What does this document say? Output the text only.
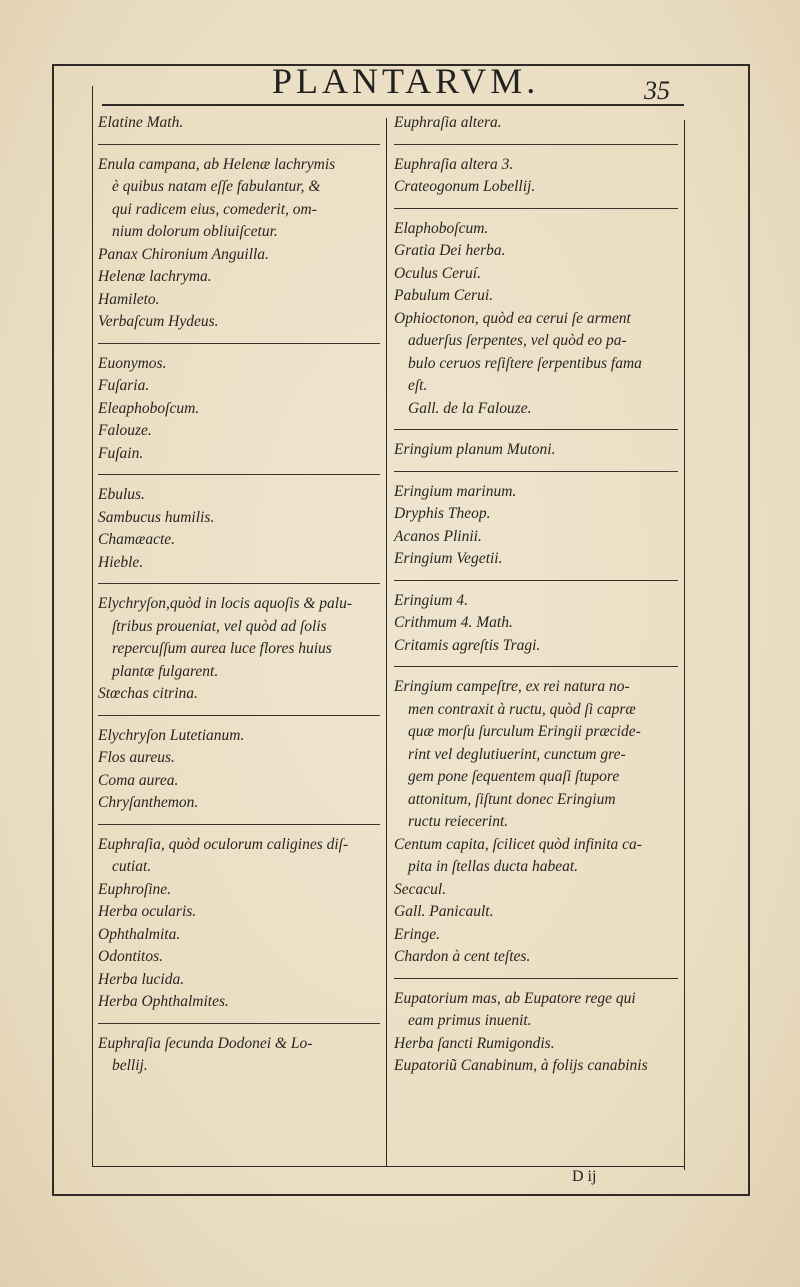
PLANTARVM.	35
Elatine Math.
Enula campana, ab Helenæ lachrymis
è quibus natam eſſe fabulantur, &
qui radicem eius, comederit, om-
nium dolorum obliuiſcetur.
Panax Chironium Anguilla.
Helenæ lachryma.
Hamileto.
Verbaſcum Hydeus.
Euonymos.
Fuſaria.
Eleaphoboſcum.
Falouze.
Fuſain.
Ebulus.
Sambucus humilis.
Chamæacte.
Hieble.
Elychryſon,quòd in locis aquoſis & palu-
ſtribus proueniat, vel quòd ad ſolis
repercuſſum aurea luce flores huius
plantæ fulgarent.
Stœchas citrina.
Elychryſon Lutetianum.
Flos aureus.
Coma aurea.
Chryſanthemon.
Euphraſia, quòd oculorum caligines diſ-
cutiat.
Euphroſine.
Herba ocularis.
Ophthalmita.
Odontitos.
Herba lucida.
Herba Ophthalmites.
Euphraſia ſecunda Dodonei & Lo-
bellij.
Euphraſia altera.
Euphraſia altera 3.
Crateogonum Lobellij.
Elaphoboſcum.
Gratia Dei herba.
Oculus Ceruí.
Pabulum Cerui.
Ophioctonon, quòd ea cerui ſe arment
aduerſus ſerpentes, vel quòd eo pa-
bulo ceruos reſiſtere ſerpentibus fama
eſt.
Gall. de la Falouze.
Eringium planum Mutoni.
Eringium marinum.
Dryphis Theop.
Acanos Plinii.
Eringium Vegetii.
Eringium 4.
Crithmum 4. Math.
Critamis agreſtis Tragi.
Eringium campeſtre, ex rei natura no-
men contraxit à ructu, quòd ſi capræ
quæ morſu ſurculum Eringii præcide-
rint vel deglutiuerint, cunctum gre-
gem pone ſequentem quaſi ſtupore
attonitum, ſiſtunt donec Eringium
ructu reiecerint.
Centum capita, ſcilicet quòd infinita ca-
pita in ſtellas ducta habeat.
Secacul.
Gall. Panicault.
Eringe.
Chardon à cent teſtes.
Eupatorium mas, ab Eupatore rege qui
eam primus inuenit.
Herba ſancti Rumigondis.
Eupatoriũ Canabinum, à folijs canabinis
D ij
